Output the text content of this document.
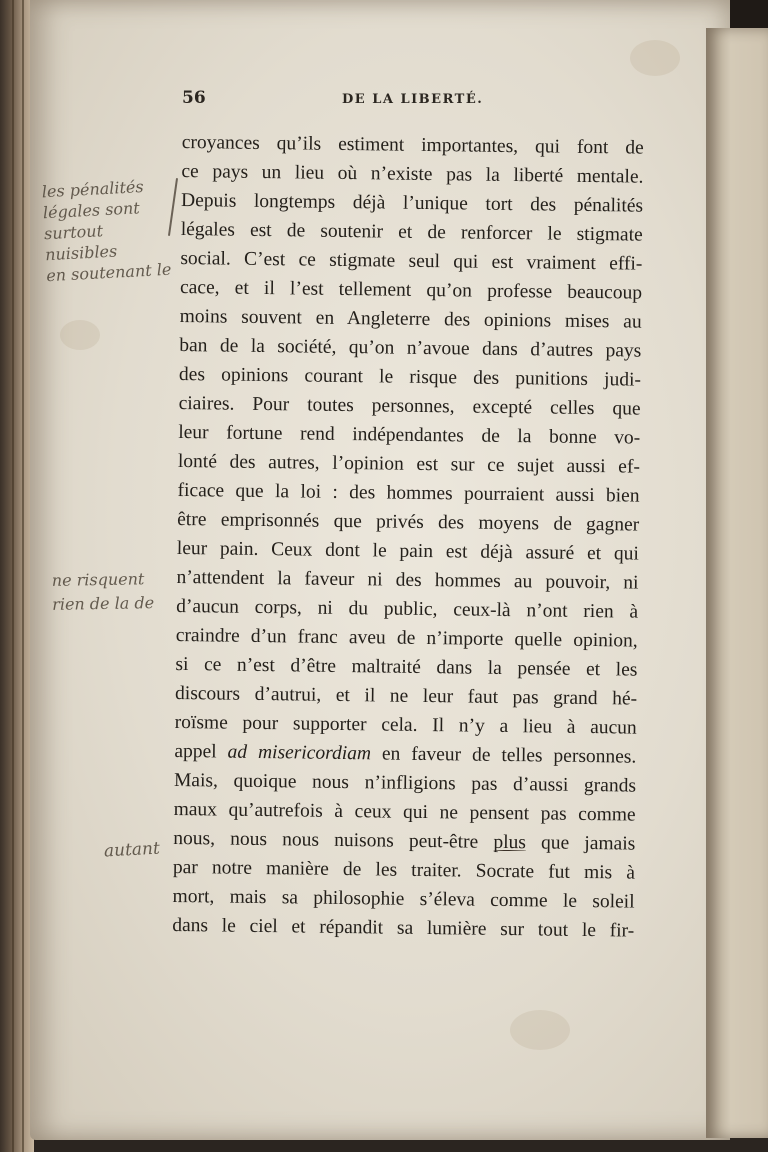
56	DE LA LIBERTÉ.
les pénalités
légales sont
surtout
nuisibles
en soutenant le
ne risquent
rien de la de
autant
croyances qu’ils estiment importantes, qui font de
ce pays un lieu où n’existe pas la liberté mentale.
Depuis longtemps déjà l’unique tort des pénalités
légales est de soutenir et de renforcer le stigmate
social. C’est ce stigmate seul qui est vraiment effi-
cace, et il l’est tellement qu’on professe beaucoup
moins souvent en Angleterre des opinions mises au
ban de la société, qu’on n’avoue dans d’autres pays
des opinions courant le risque des punitions judi-
ciaires. Pour toutes personnes, excepté celles que
leur fortune rend indépendantes de la bonne vo-
lonté des autres, l’opinion est sur ce sujet aussi ef-
ficace que la loi : des hommes pourraient aussi bien
être emprisonnés que privés des moyens de gagner
leur pain. Ceux dont le pain est déjà assuré et qui
n’attendent la faveur ni des hommes au pouvoir, ni
d’aucun corps, ni du public, ceux-là n’ont rien à
craindre d’un franc aveu de n’importe quelle opinion,
si ce n’est d’être maltraité dans la pensée et les
discours d’autrui, et il ne leur faut pas grand hé-
roïsme pour supporter cela. Il n’y a lieu à aucun
appel ad misericordiam en faveur de telles personnes.
Mais, quoique nous n’infligions pas d’aussi grands
maux qu’autrefois à ceux qui ne pensent pas comme
nous, nous nous nuisons peut-être plus que jamais
par notre manière de les traiter. Socrate fut mis à
mort, mais sa philosophie s’éleva comme le soleil
dans le ciel et répandit sa lumière sur tout le fir-
